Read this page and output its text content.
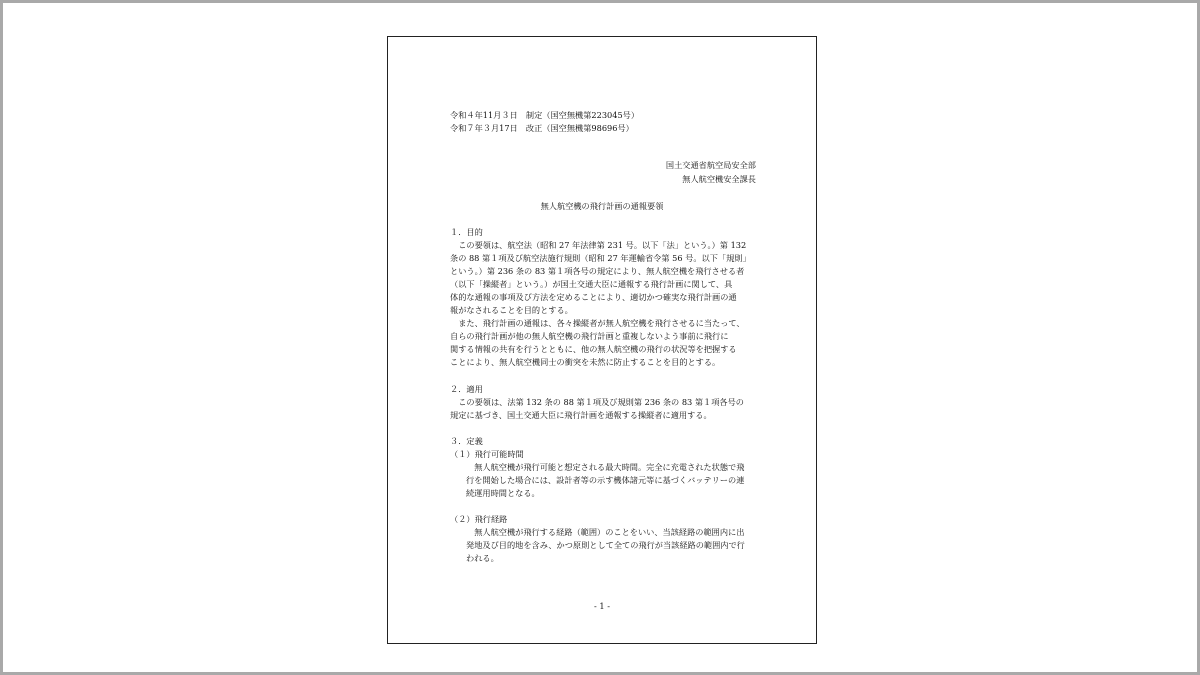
令和４年11月３日　制定（国空無機第223045号）
令和７年３月17日　改正（国空無機第98696号）
国土交通省航空局安全部
無人航空機安全課長
無人航空機の飛行計画の通報要領
１．目的
　この要領は、航空法（昭和 27 年法律第 231 号。以下「法」という。）第 132
条の 88 第１項及び航空法施行規則（昭和 27 年運輸省令第 56 号。以下「規則」
という。）第 236 条の 83 第１項各号の規定により、無人航空機を飛行させる者
（以下「操縦者」という。）が国土交通大臣に通報する飛行計画に関して、具
体的な通報の事項及び方法を定めることにより、適切かつ確実な飛行計画の通
報がなされることを目的とする。
　また、飛行計画の通報は、各々操縦者が無人航空機を飛行させるに当たって、
自らの飛行計画が他の無人航空機の飛行計画と重複しないよう事前に飛行に
関する情報の共有を行うとともに、他の無人航空機の飛行の状況等を把握する
ことにより、無人航空機同士の衝突を未然に防止することを目的とする。
２．適用
　この要領は、法第 132 条の 88 第１項及び規則第 236 条の 83 第１項各号の
規定に基づき、国土交通大臣に飛行計画を通報する操縦者に適用する。
３．定義
（１）飛行可能時間
　無人航空機が飛行可能と想定される最大時間。完全に充電された状態で飛
行を開始した場合には、設計者等の示す機体諸元等に基づくバッテリーの連
続運用時間となる。
（２）飛行経路
　無人航空機が飛行する経路（範囲）のことをいい、当該経路の範囲内に出
発地及び目的地を含み、かつ原則として全ての飛行が当該経路の範囲内で行
われる。
- 1 -
